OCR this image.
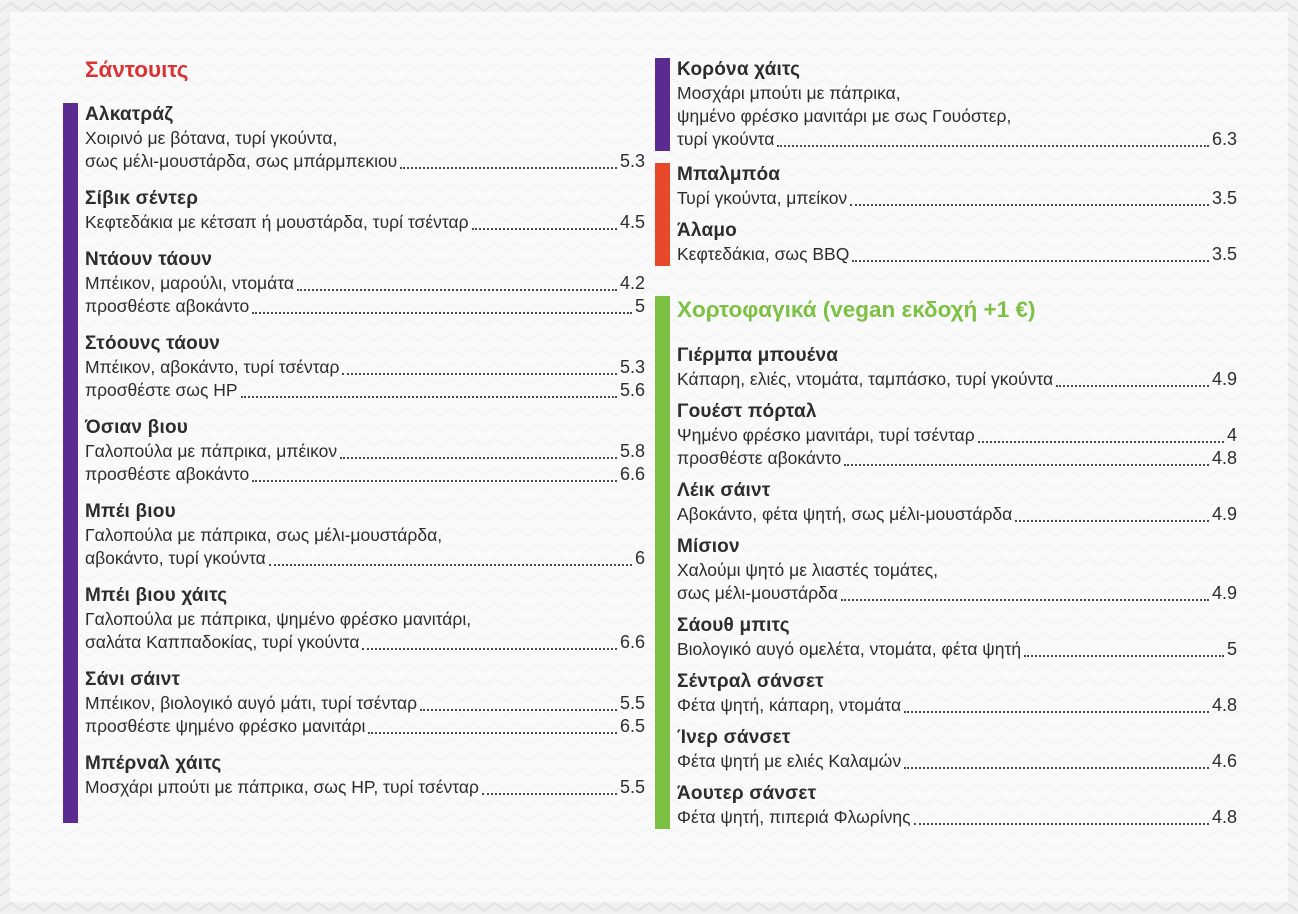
Σάντουιτς
Αλκατράζ
Χοιρινό με βότανα, τυρί γκούντα,
σως μέλι-μουστάρδα, σως μπάρμπεκιου	5.3
Σίβικ σέντερ
Κεφτεδάκια με κέτσαπ ή μουστάρδα, τυρί τσένταρ	4.5
Ντάουν τάουν
Μπέικον, μαρούλι, ντομάτα	4.2
προσθέστε αβοκάντο	5
Στόουνς τάουν
Μπέικον, αβοκάντο, τυρί τσένταρ	5.3
προσθέστε σως HP	5.6
Όσιαν βιου
Γαλοπούλα με πάπρικα, μπέικον	5.8
προσθέστε αβοκάντο	6.6
Μπέι βιου
Γαλοπούλα με πάπρικα, σως μέλι-μουστάρδα,
αβοκάντο, τυρί γκούντα	6
Μπέι βιου χάιτς
Γαλοπούλα με πάπρικα, ψημένο φρέσκο μανιτάρι,
σαλάτα Καππαδοκίας, τυρί γκούντα	6.6
Σάνι σάιντ
Μπέικον, βιολογικό αυγό μάτι, τυρί τσένταρ	5.5
προσθέστε ψημένο φρέσκο μανιτάρι	6.5
Μπέρναλ χάιτς
Μοσχάρι μπούτι με πάπρικα, σως HP, τυρί τσένταρ	5.5
Κορόνα χάιτς
Μοσχάρι μπούτι με πάπρικα,
ψημένο φρέσκο μανιτάρι με σως Γουόστερ,
τυρί γκούντα	6.3
Μπαλμπόα
Τυρί γκούντα, μπείκον	3.5
Άλαμο
Κεφτεδάκια, σως BBQ	3.5
Χορτοφαγικά (vegan εκδοχή +1 €)
Γιέρμπα μπουένα
Κάπαρη, ελιές, ντομάτα, ταμπάσκο, τυρί γκούντα	4.9
Γουέστ πόρταλ
Ψημένο φρέσκο μανιτάρι, τυρί τσένταρ	4
προσθέστε αβοκάντο	4.8
Λέικ σάιντ
Αβοκάντο, φέτα ψητή, σως μέλι-μουστάρδα	4.9
Μίσιον
Χαλούμι ψητό με λιαστές τομάτες,
σως μέλι-μουστάρδα	4.9
Σάουθ μπιτς
Βιολογικό αυγό ομελέτα, ντομάτα, φέτα ψητή	5
Σέντραλ σάνσετ
Φέτα ψητή, κάπαρη, ντομάτα	4.8
Ίνερ σάνσετ
Φέτα ψητή με ελιές Καλαμών	4.6
Άουτερ σάνσετ
Φέτα ψητή, πιπεριά Φλωρίνης	4.8
